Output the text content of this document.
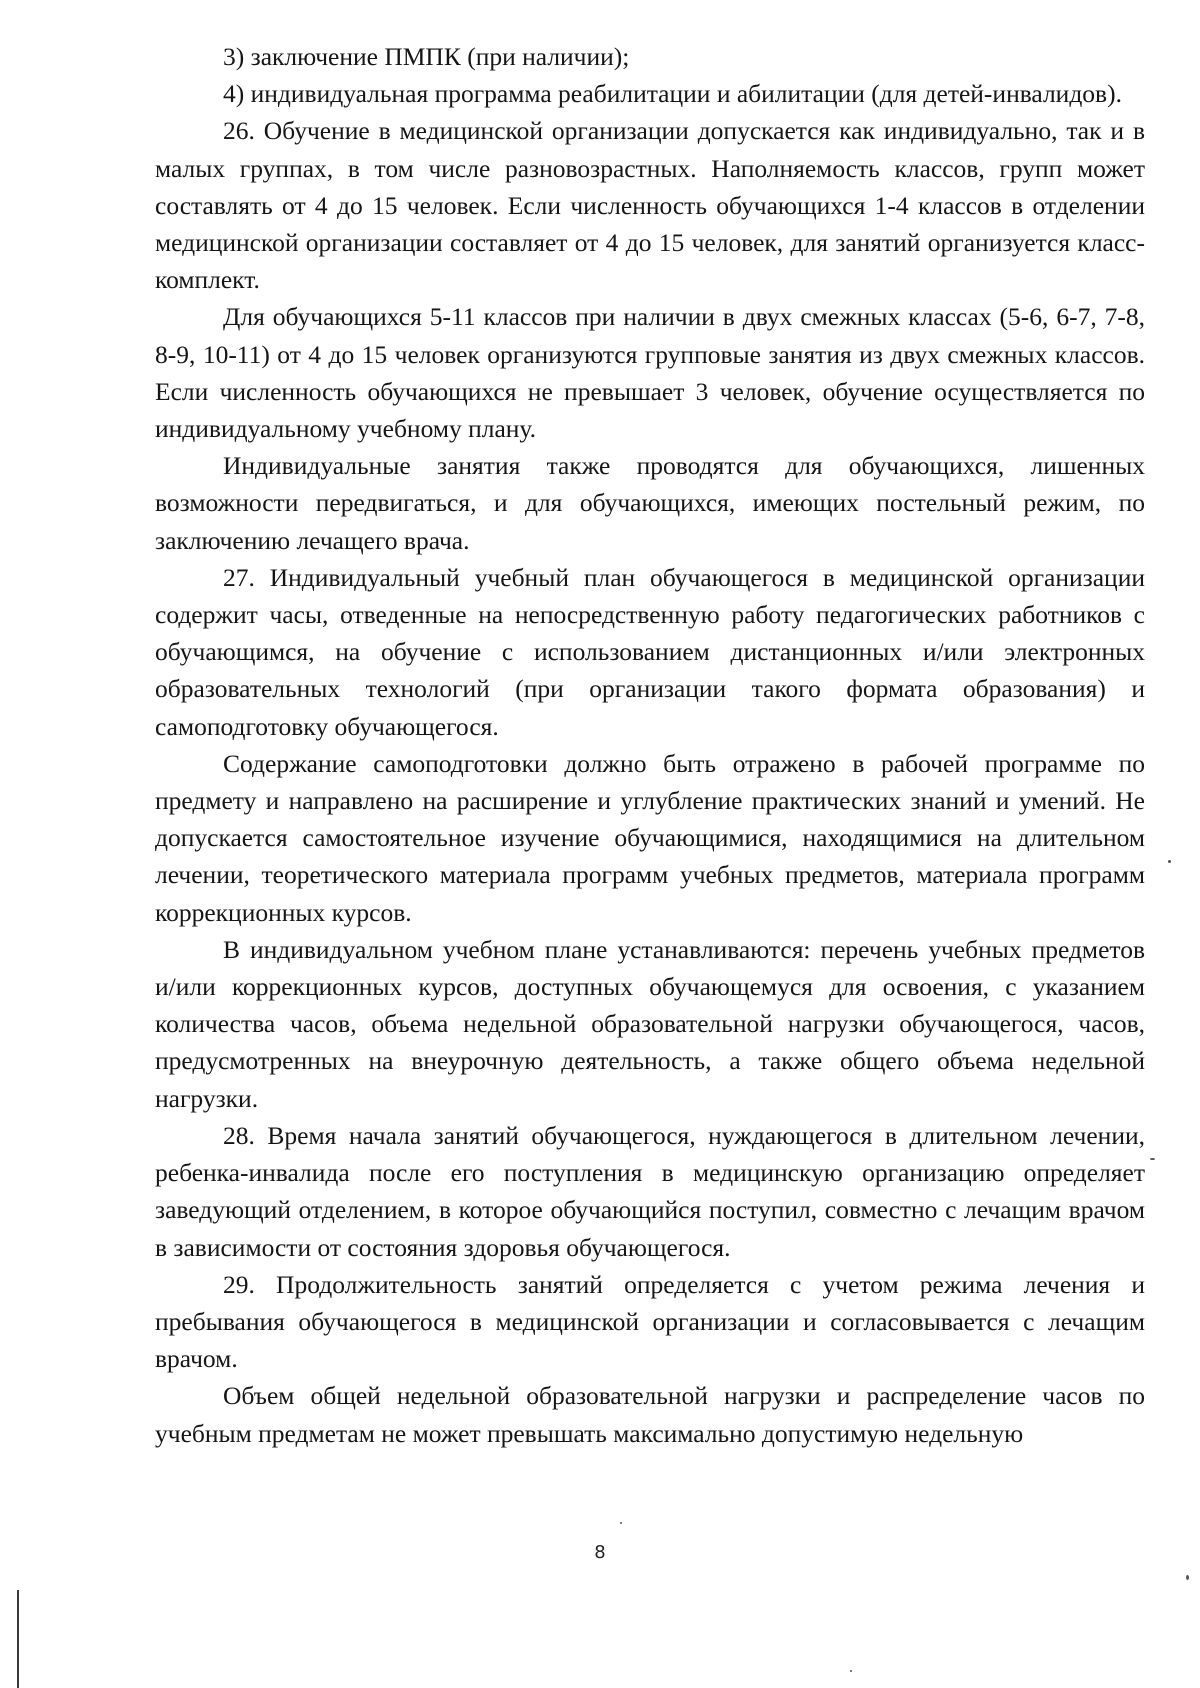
3) заключение ПМПК (при наличии);

4) индивидуальная программа реабилитации и абилитации (для детей-инвалидов).

26. Обучение в медицинской организации допускается как индивидуально, так и в малых группах, в том числе разновозрастных. Наполняемость классов, групп может составлять от 4 до 15 человек. Если численность обучающихся 1-4 классов в отделении медицинской организации составляет от 4 до 15 человек, для занятий организуется класс-комплект.

Для обучающихся 5-11 классов при наличии в двух смежных классах (5-6, 6-7, 7-8, 8-9, 10-11) от 4 до 15 человек организуются групповые занятия из двух смежных классов. Если численность обучающихся не превышает 3 человек, обучение осуществляется по индивидуальному учебному плану.

Индивидуальные занятия также проводятся для обучающихся, лишенных возможности передвигаться, и для обучающихся, имеющих постельный режим, по заключению лечащего врача.

27. Индивидуальный учебный план обучающегося в медицинской организации содержит часы, отведенные на непосредственную работу педагогических работников с обучающимся, на обучение с использованием дистанционных и/или электронных образовательных технологий (при организации такого формата образования) и самоподготовку обучающегося.

Содержание самоподготовки должно быть отражено в рабочей программе по предмету и направлено на расширение и углубление практических знаний и умений. Не допускается самостоятельное изучение обучающимися, находящимися на длительном лечении, теоретического материала программ учебных предметов, материала программ коррекционных курсов.

В индивидуальном учебном плане устанавливаются: перечень учебных предметов и/или коррекционных курсов, доступных обучающемуся для освоения, с указанием количества часов, объема недельной образовательной нагрузки обучающегося, часов, предусмотренных на внеурочную деятельность, а также общего объема недельной нагрузки.

28. Время начала занятий обучающегося, нуждающегося в длительном лечении, ребенка-инвалида после его поступления в медицинскую организацию определяет заведующий отделением, в которое обучающийся поступил, совместно с лечащим врачом в зависимости от состояния здоровья обучающегося.

29. Продолжительность занятий определяется с учетом режима лечения и пребывания обучающегося в медицинской организации и согласовывается с лечащим врачом.

Объем общей недельной образовательной нагрузки и распределение часов по учебным предметам не может превышать максимально допустимую недельную

8
